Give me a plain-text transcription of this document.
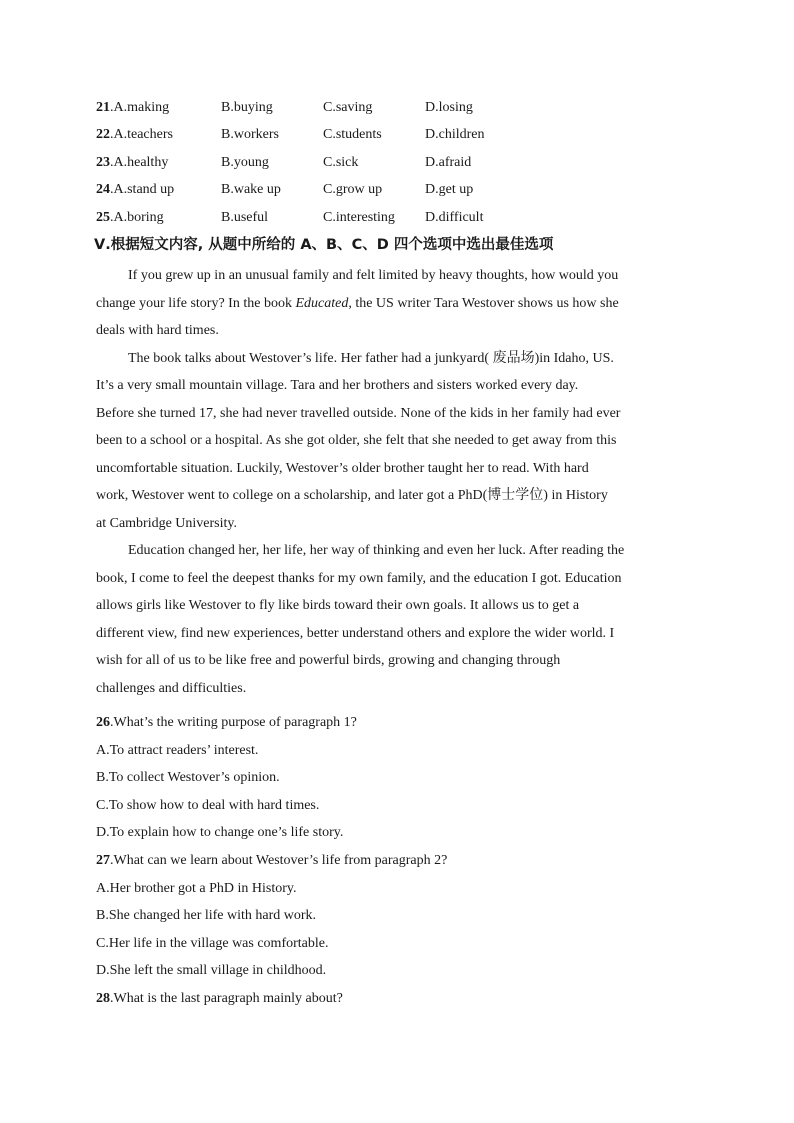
21.A.making	B.buying	C.saving	D.losing
22.A.teachers	B.workers	C.students	D.children
23.A.healthy	B.young	C.sick	D.afraid
24.A.stand up	B.wake up	C.grow up	D.get up
25.A.boring	B.useful	C.interesting	D.difficult
Ⅴ.根据短文内容, 从题中所给的 A、B、C、D 四个选项中选出最佳选项
If you grew up in an unusual family and felt limited by heavy thoughts, how would you
change your life story? In the book Educated, the US writer Tara Westover shows us how she
deals with hard times.
The book talks about Westover’s life. Her father had a junkyard( 废品场)in Idaho, US.
It’s a very small mountain village. Tara and her brothers and sisters worked every day.
Before she turned 17, she had never travelled outside. None of the kids in her family had ever
been to a school or a hospital. As she got older, she felt that she needed to get away from this
uncomfortable situation. Luckily, Westover’s older brother taught her to read. With hard
work, Westover went to college on a scholarship, and later got a PhD(博士学位) in History
at Cambridge University.
Education changed her, her life, her way of thinking and even her luck. After reading the
book, I come to feel the deepest thanks for my own family, and the education I got. Education
allows girls like Westover to fly like birds toward their own goals. It allows us to get a
different view, find new experiences, better understand others and explore the wider world. I
wish for all of us to be like free and powerful birds, growing and changing through
challenges and difficulties.
26.What’s the writing purpose of paragraph 1?
A.To attract readers’ interest.
B.To collect Westover’s opinion.
C.To show how to deal with hard times.
D.To explain how to change one’s life story.
27.What can we learn about Westover’s life from paragraph 2?
A.Her brother got a PhD in History.
B.She changed her life with hard work.
C.Her life in the village was comfortable.
D.She left the small village in childhood.
28.What is the last paragraph mainly about?
